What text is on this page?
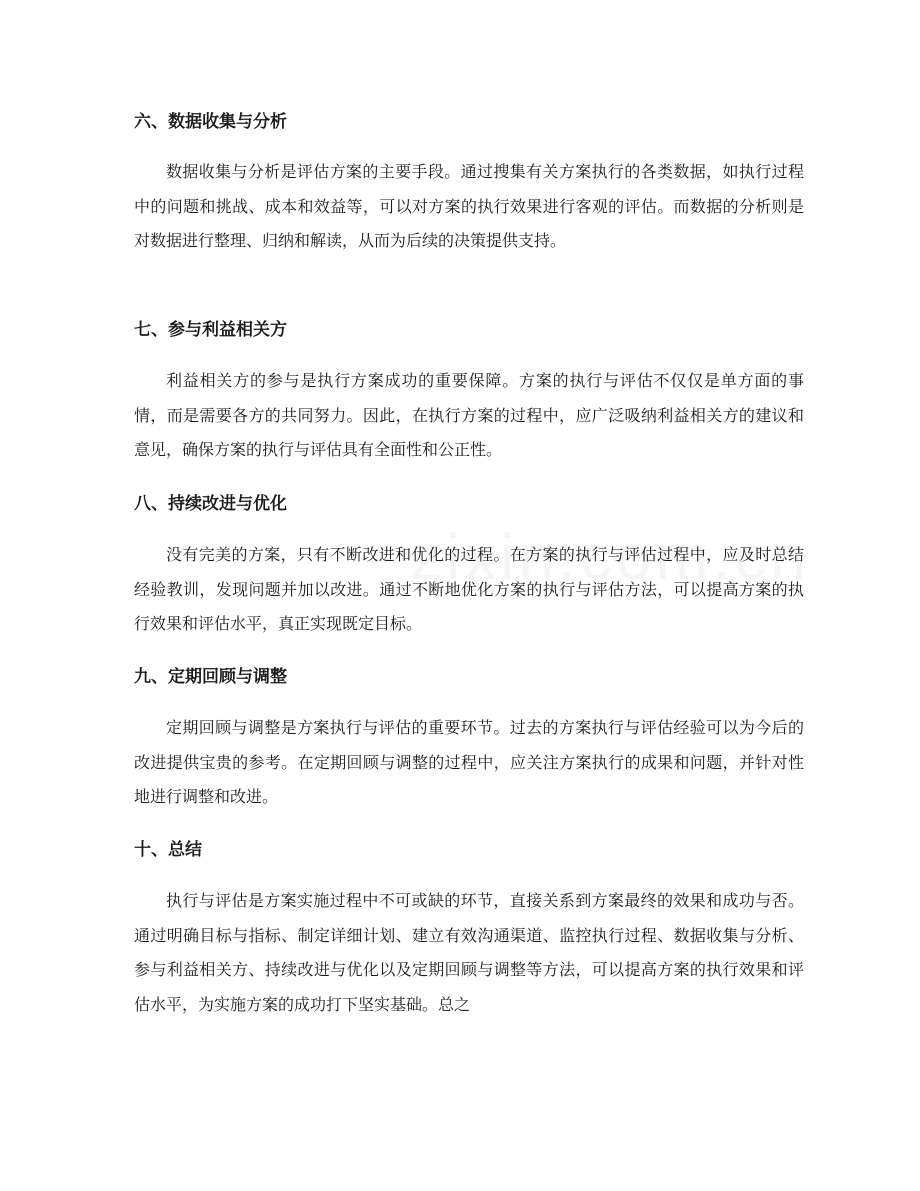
六、数据收集与分析

数据收集与分析是评估方案的主要手段。通过搜集有关方案执行的各类数据，如执行过程中的问题和挑战、成本和效益等，可以对方案的执行效果进行客观的评估。而数据的分析则是对数据进行整理、归纳和解读，从而为后续的决策提供支持。

七、参与利益相关方

利益相关方的参与是执行方案成功的重要保障。方案的执行与评估不仅仅是单方面的事情，而是需要各方的共同努力。因此，在执行方案的过程中，应广泛吸纳利益相关方的建议和意见，确保方案的执行与评估具有全面性和公正性。

八、持续改进与优化

没有完美的方案，只有不断改进和优化的过程。在方案的执行与评估过程中，应及时总结经验教训，发现问题并加以改进。通过不断地优化方案的执行与评估方法，可以提高方案的执行效果和评估水平，真正实现既定目标。

九、定期回顾与调整

定期回顾与调整是方案执行与评估的重要环节。过去的方案执行与评估经验可以为今后的改进提供宝贵的参考。在定期回顾与调整的过程中，应关注方案执行的成果和问题，并针对性地进行调整和改进。

十、总结

执行与评估是方案实施过程中不可或缺的环节，直接关系到方案最终的效果和成功与否。通过明确目标与指标、制定详细计划、建立有效沟通渠道、监控执行过程、数据收集与分析、参与利益相关方、持续改进与优化以及定期回顾与调整等方法，可以提高方案的执行效果和评估水平，为实施方案的成功打下坚实基础。总之
